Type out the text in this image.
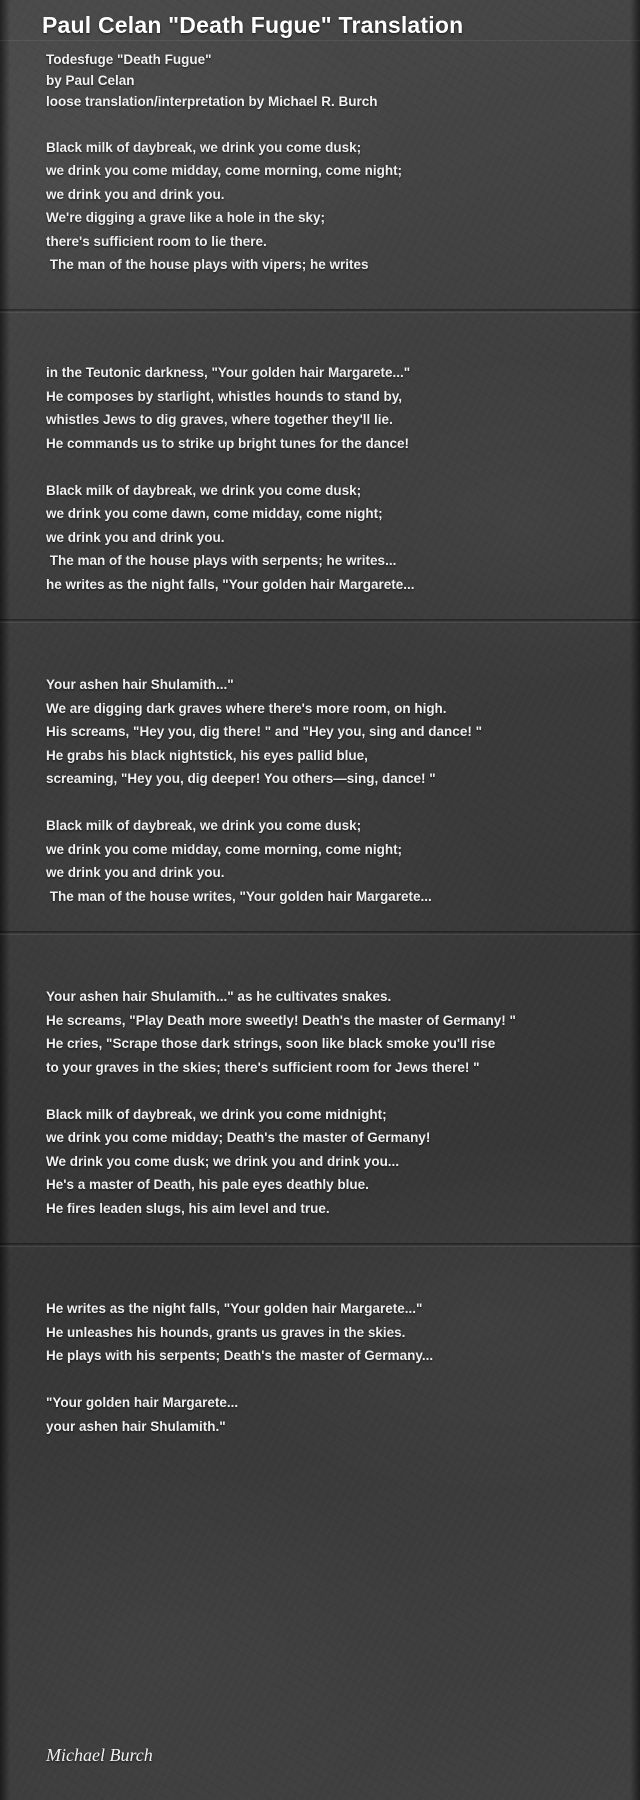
Paul Celan "Death Fugue" Translation
Todesfuge "Death Fugue"
by Paul Celan
loose translation/interpretation by Michael R. Burch
Black milk of daybreak, we drink you come dusk;
we drink you come midday, come morning, come night;
we drink you and drink you.
We're digging a grave like a hole in the sky;
there's sufficient room to lie there.
The man of the house plays with vipers; he writes
in the Teutonic darkness, "Your golden hair Margarete..."
He composes by starlight, whistles hounds to stand by,
whistles Jews to dig graves, where together they'll lie.
He commands us to strike up bright tunes for the dance!
Black milk of daybreak, we drink you come dusk;
we drink you come dawn, come midday, come night;
we drink you and drink you.
The man of the house plays with serpents; he writes...
he writes as the night falls, "Your golden hair Margarete...
Your ashen hair Shulamith..."
We are digging dark graves where there's more room, on high.
His screams, "Hey you, dig there! " and "Hey you, sing and dance! "
He grabs his black nightstick, his eyes pallid blue,
screaming, "Hey you, dig deeper! You others—sing, dance! "
Black milk of daybreak, we drink you come dusk;
we drink you come midday, come morning, come night;
we drink you and drink you.
The man of the house writes, "Your golden hair Margarete...
Your ashen hair Shulamith..." as he cultivates snakes.
He screams, "Play Death more sweetly! Death's the master of Germany! "
He cries, "Scrape those dark strings, soon like black smoke you'll rise
to your graves in the skies; there's sufficient room for Jews there! "
Black milk of daybreak, we drink you come midnight;
we drink you come midday; Death's the master of Germany!
We drink you come dusk; we drink you and drink you...
He's a master of Death, his pale eyes deathly blue.
He fires leaden slugs, his aim level and true.
He writes as the night falls, "Your golden hair Margarete..."
He unleashes his hounds, grants us graves in the skies.
He plays with his serpents; Death's the master of Germany...
"Your golden hair Margarete...
your ashen hair Shulamith."
Michael Burch
